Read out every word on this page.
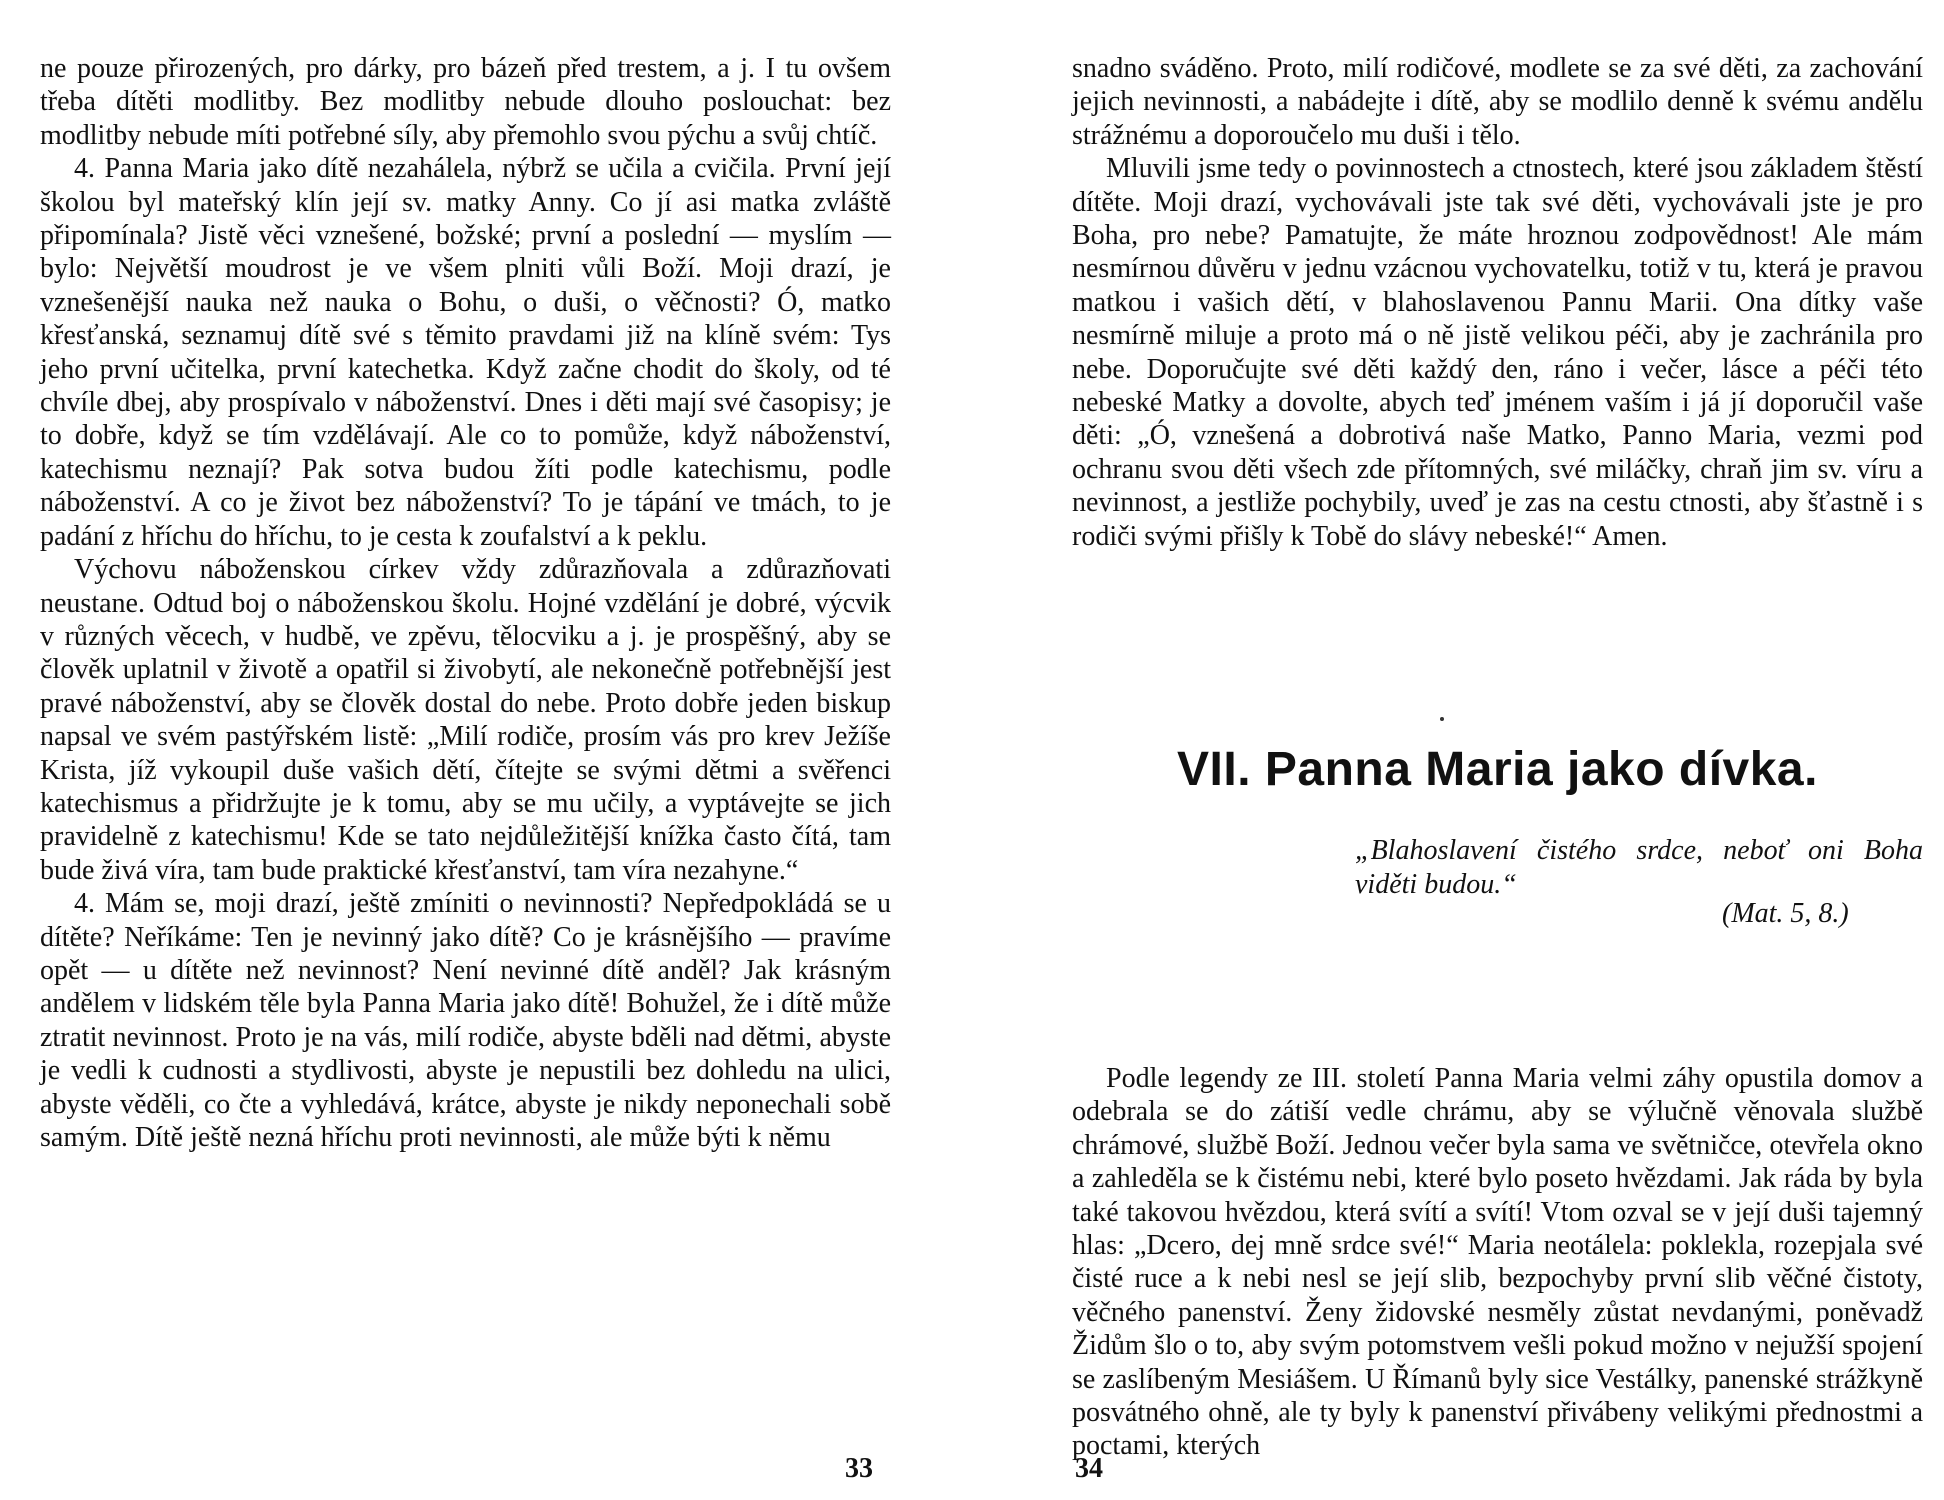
ne pouze přirozených, pro dárky, pro bázeň před trestem, a j. I tu ovšem třeba dítěti modlitby. Bez modlitby nebude dlouho poslouchat: bez modlitby nebude míti potřebné síly, aby přemohlo svou pýchu a svůj chtíč.

4. Panna Maria jako dítě nezahálela, nýbrž se učila a cvičila. První její školou byl mateřský klín její sv. matky Anny. Co jí asi matka zvláště připomínala? Jistě věci vznešené, božské; první a poslední — myslím — bylo: Největší moudrost je ve všem plniti vůli Boží. Moji drazí, je vznešenější nauka než nauka o Bohu, o duši, o věčnosti? Ó, matko křesťanská, seznamuj dítě své s těmito pravdami již na klíně svém: Tys jeho první učitelka, první katechetka. Když začne chodit do školy, od té chvíle dbej, aby prospívalo v náboženství. Dnes i děti mají své časopisy; je to dobře, když se tím vzdělávají. Ale co to pomůže, když náboženství, katechismu neznají? Pak sotva budou žíti podle katechismu, podle náboženství. A co je život bez náboženství? To je tápání ve tmách, to je padání z hříchu do hříchu, to je cesta k zoufalství a k peklu.

Výchovu náboženskou církev vždy zdůrazňovala a zdůrazňovati neustane. Odtud boj o náboženskou školu. Hojné vzdělání je dobré, výcvik v různých věcech, v hudbě, ve zpěvu, tělocviku a j. je prospěšný, aby se člověk uplatnil v životě a opatřil si živobytí, ale nekonečně potřebnější jest pravé náboženství, aby se člověk dostal do nebe. Proto dobře jeden biskup napsal ve svém pastýřském listě: „Milí rodiče, prosím vás pro krev Ježíše Krista, jíž vykoupil duše vašich dětí, čítejte se svými dětmi a svěřenci katechismus a přidržujte je k tomu, aby se mu učily, a vyptávejte se jich pravidelně z katechismu! Kde se tato nejdůležitější knížka často čítá, tam bude živá víra, tam bude praktické křesťanství, tam víra nezahyne.“

4. Mám se, moji drazí, ještě zmíniti o nevinnosti? Nepředpokládá se u dítěte? Neříkáme: Ten je nevinný jako dítě? Co je krásnějšího — pravíme opět — u dítěte než nevinnost? Není nevinné dítě anděl? Jak krásným andělem v lidském těle byla Panna Maria jako dítě! Bohužel, že i dítě může ztratit nevinnost. Proto je na vás, milí rodiče, abyste bděli nad dětmi, abyste je vedli k cudnosti a stydlivosti, abyste je nepustili bez dohledu na ulici, abyste věděli, co čte a vyhledává, krátce, abyste je nikdy neponechali sobě samým. Dítě ještě nezná hříchu proti nevinnosti, ale může býti k němu

33

snadno sváděno. Proto, milí rodičové, modlete se za své děti, za zachování jejich nevinnosti, a nabádejte i dítě, aby se modlilo denně k svému andělu strážnému a doporoučelo mu duši i tělo.

Mluvili jsme tedy o povinnostech a ctnostech, které jsou základem štěstí dítěte. Moji drazí, vychovávali jste tak své děti, vychovávali jste je pro Boha, pro nebe? Pamatujte, že máte hroznou zodpovědnost! Ale mám nesmírnou důvěru v jednu vzácnou vychovatelku, totiž v tu, která je pravou matkou i vašich dětí, v blahoslavenou Pannu Marii. Ona dítky vaše nesmírně miluje a proto má o ně jistě velikou péči, aby je zachránila pro nebe. Doporučujte své děti každý den, ráno i večer, lásce a péči této nebeské Matky a dovolte, abych teď jménem vaším i já jí doporučil vaše děti: „Ó, vznešená a dobrotivá naše Matko, Panno Maria, vezmi pod ochranu svou děti všech zde přítomných, své miláčky, chraň jim sv. víru a nevinnost, a jestliže pochybily, uveď je zas na cestu ctnosti, aby šťastně i s rodiči svými přišly k Tobě do slávy nebeské!“ Amen.

VII. Panna Maria jako dívka.

„Blahoslavení čistého srdce, neboť oni Boha viděti budou.“

(Mat. 5, 8.)

Podle legendy ze III. století Panna Maria velmi záhy opustila domov a odebrala se do zátiší vedle chrámu, aby se výlučně věnovala službě chrámové, službě Boží. Jednou večer byla sama ve světničce, otevřela okno a zahleděla se k čistému nebi, které bylo poseto hvězdami. Jak ráda by byla také takovou hvězdou, která svítí a svítí! Vtom ozval se v její duši tajemný hlas: „Dcero, dej mně srdce své!“ Maria neotálela: poklekla, rozepjala své čisté ruce a k nebi nesl se její slib, bezpochyby první slib věčné čistoty, věčného panenství. Ženy židovské nesměly zůstat nevdanými, poněvadž Židům šlo o to, aby svým potomstvem vešli pokud možno v nejužší spojení se zaslíbeným Mesiášem. U Římanů byly sice Vestálky, panenské strážkyně posvátného ohně, ale ty byly k panenství přivábeny velikými přednostmi a poctami, kterých

34
